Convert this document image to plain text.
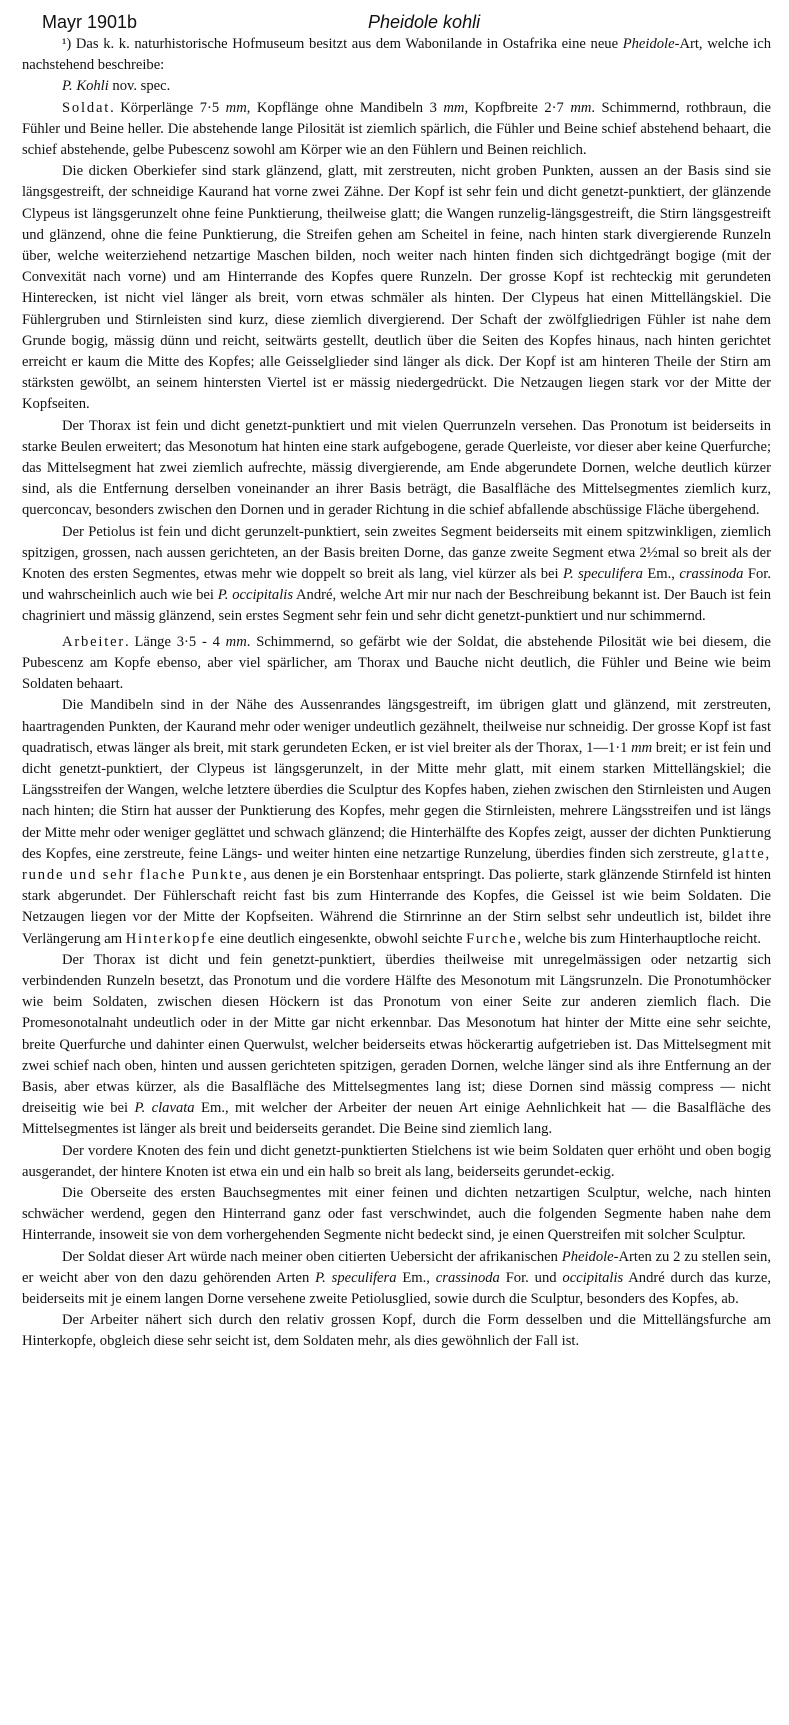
Mayr 1901b	Pheidole kohli

¹) Das k. k. naturhistorische Hofmuseum besitzt aus dem Wabonilande in Ostafrika eine neue Pheidole-Art, welche ich nachstehend beschreibe:

P. Kohli nov. spec.

Soldat. Körperlänge 7·5 mm, Kopflänge ohne Mandibeln 3 mm, Kopfbreite 2·7 mm. Schimmernd, rothbraun, die Fühler und Beine heller. Die abstehende lange Pilosität ist ziemlich spärlich, die Fühler und Beine schief abstehend behaart, die schief abstehende, gelbe Pubescenz sowohl am Körper wie an den Fühlern und Beinen reichlich.

Die dicken Oberkiefer sind stark glänzend, glatt, mit zerstreuten, nicht groben Punkten, aussen an der Basis sind sie längsgestreift, der schneidige Kaurand hat vorne zwei Zähne. Der Kopf ist sehr fein und dicht genetzt-punktiert, der glänzende Clypeus ist längsgerunzelt ohne feine Punktierung, theilweise glatt; die Wangen runzelig-längsgestreift, die Stirn längsgestreift und glänzend, ohne die feine Punktierung, die Streifen gehen am Scheitel in feine, nach hinten stark divergierende Runzeln über, welche weiterziehend netzartige Maschen bilden, noch weiter nach hinten finden sich dichtgedrängt bogige (mit der Convexität nach vorne) und am Hinterrande des Kopfes quere Runzeln. Der grosse Kopf ist rechteckig mit gerundeten Hinterecken, ist nicht viel länger als breit, vorn etwas schmäler als hinten. Der Clypeus hat einen Mittellängskiel. Die Fühlergruben und Stirnleisten sind kurz, diese ziemlich divergierend. Der Schaft der zwölfgliedrigen Fühler ist nahe dem Grunde bogig, mässig dünn und reicht, seitwärts gestellt, deutlich über die Seiten des Kopfes hinaus, nach hinten gerichtet erreicht er kaum die Mitte des Kopfes; alle Geisselglieder sind länger als dick. Der Kopf ist am hinteren Theile der Stirn am stärksten gewölbt, an seinem hintersten Viertel ist er mässig niedergedrückt. Die Netzaugen liegen stark vor der Mitte der Kopfseiten.

Der Thorax ist fein und dicht genetzt-punktiert und mit vielen Querrunzeln versehen. Das Pronotum ist beiderseits in starke Beulen erweitert; das Mesonotum hat hinten eine stark aufgebogene, gerade Querleiste, vor dieser aber keine Querfurche; das Mittelsegment hat zwei ziemlich aufrechte, mässig divergierende, am Ende abgerundete Dornen, welche deutlich kürzer sind, als die Entfernung derselben voneinander an ihrer Basis beträgt, die Basalfläche des Mittelsegmentes ziemlich kurz, querconcav, besonders zwischen den Dornen und in gerader Richtung in die schief abfallende abschüssige Fläche übergehend.

Der Petiolus ist fein und dicht gerunzelt-punktiert, sein zweites Segment beiderseits mit einem spitzwinkligen, ziemlich spitzigen, grossen, nach aussen gerichteten, an der Basis breiten Dorne, das ganze zweite Segment etwa 2½mal so breit als der Knoten des ersten Segmentes, etwas mehr wie doppelt so breit als lang, viel kürzer als bei P. speculifera Em., crassinoda For. und wahrscheinlich auch wie bei P. occipitalis André, welche Art mir nur nach der Beschreibung bekannt ist. Der Bauch ist fein chagriniert und mässig glänzend, sein erstes Segment sehr fein und sehr dicht genetzt-punktiert und nur schimmernd.

Arbeiter. Länge 3·5 - 4 mm. Schimmernd, so gefärbt wie der Soldat, die abstehende Pilosität wie bei diesem, die Pubescenz am Kopfe ebenso, aber viel spärlicher, am Thorax und Bauche nicht deutlich, die Fühler und Beine wie beim Soldaten behaart.

Die Mandibeln sind in der Nähe des Aussenrandes längsgestreift, im übrigen glatt und glänzend, mit zerstreuten, haartragenden Punkten, der Kaurand mehr oder weniger undeutlich gezähnelt, theilweise nur schneidig. Der grosse Kopf ist fast quadratisch, etwas länger als breit, mit stark gerundeten Ecken, er ist viel breiter als der Thorax, 1—1·1 mm breit; er ist fein und dicht genetzt-punktiert, der Clypeus ist längsgerunzelt, in der Mitte mehr glatt, mit einem starken Mittellängskiel; die Längsstreifen der Wangen, welche letztere überdies die Sculptur des Kopfes haben, ziehen zwischen den Stirnleisten und Augen nach hinten; die Stirn hat ausser der Punktierung des Kopfes, mehr gegen die Stirnleisten, mehrere Längsstreifen und ist längs der Mitte mehr oder weniger geglättet und schwach glänzend; die Hinterhälfte des Kopfes zeigt, ausser der dichten Punktierung des Kopfes, eine zerstreute, feine Längs- und weiter hinten eine netzartige Runzelung, überdies finden sich zerstreute, glatte, runde und sehr flache Punkte, aus denen je ein Borstenhaar entspringt. Das polierte, stark glänzende Stirnfeld ist hinten stark abgerundet. Der Fühlerschaft reicht fast bis zum Hinterrande des Kopfes, die Geissel ist wie beim Soldaten. Die Netzaugen liegen vor der Mitte der Kopfseiten. Während die Stirnrinne an der Stirn selbst sehr undeutlich ist, bildet ihre Verlängerung am Hinterkopfe eine deutlich eingesenkte, obwohl seichte Furche, welche bis zum Hinterhauptloche reicht.

Der Thorax ist dicht und fein genetzt-punktiert, überdies theilweise mit unregelmässigen oder netzartig sich verbindenden Runzeln besetzt, das Pronotum und die vordere Hälfte des Mesonotum mit Längsrunzeln. Die Pronotumhöcker wie beim Soldaten, zwischen diesen Höckern ist das Pronotum von einer Seite zur anderen ziemlich flach. Die Promesonotalnaht undeutlich oder in der Mitte gar nicht erkennbar. Das Mesonotum hat hinter der Mitte eine sehr seichte, breite Querfurche und dahinter einen Querwulst, welcher beiderseits etwas höckerartig aufgetrieben ist. Das Mittelsegment mit zwei schief nach oben, hinten und aussen gerichteten spitzigen, geraden Dornen, welche länger sind als ihre Entfernung an der Basis, aber etwas kürzer, als die Basalfläche des Mittelsegmentes lang ist; diese Dornen sind mässig compress — nicht dreiseitig wie bei P. clavata Em., mit welcher der Arbeiter der neuen Art einige Aehnlichkeit hat — die Basalfläche des Mittelsegmentes ist länger als breit und beiderseits gerandet. Die Beine sind ziemlich lang.

Der vordere Knoten des fein und dicht genetzt-punktierten Stielchens ist wie beim Soldaten quer erhöht und oben bogig ausgerandet, der hintere Knoten ist etwa ein und ein halb so breit als lang, beiderseits gerundet-eckig.

Die Oberseite des ersten Bauchsegmentes mit einer feinen und dichten netzartigen Sculptur, welche, nach hinten schwächer werdend, gegen den Hinterrand ganz oder fast verschwindet, auch die folgenden Segmente haben nahe dem Hinterrande, insoweit sie von dem vorhergehenden Segmente nicht bedeckt sind, je einen Querstreifen mit solcher Sculptur.

Der Soldat dieser Art würde nach meiner oben citierten Uebersicht der afrikanischen Pheidole-Arten zu 2 zu stellen sein, er weicht aber von den dazu gehörenden Arten P. speculifera Em., crassinoda For. und occipitalis André durch das kurze, beiderseits mit je einem langen Dorne versehene zweite Petiolusglied, sowie durch die Sculptur, besonders des Kopfes, ab.

Der Arbeiter nähert sich durch den relativ grossen Kopf, durch die Form desselben und die Mittellängsfurche am Hinterkopfe, obgleich diese sehr seicht ist, dem Soldaten mehr, als dies gewöhnlich der Fall ist.
